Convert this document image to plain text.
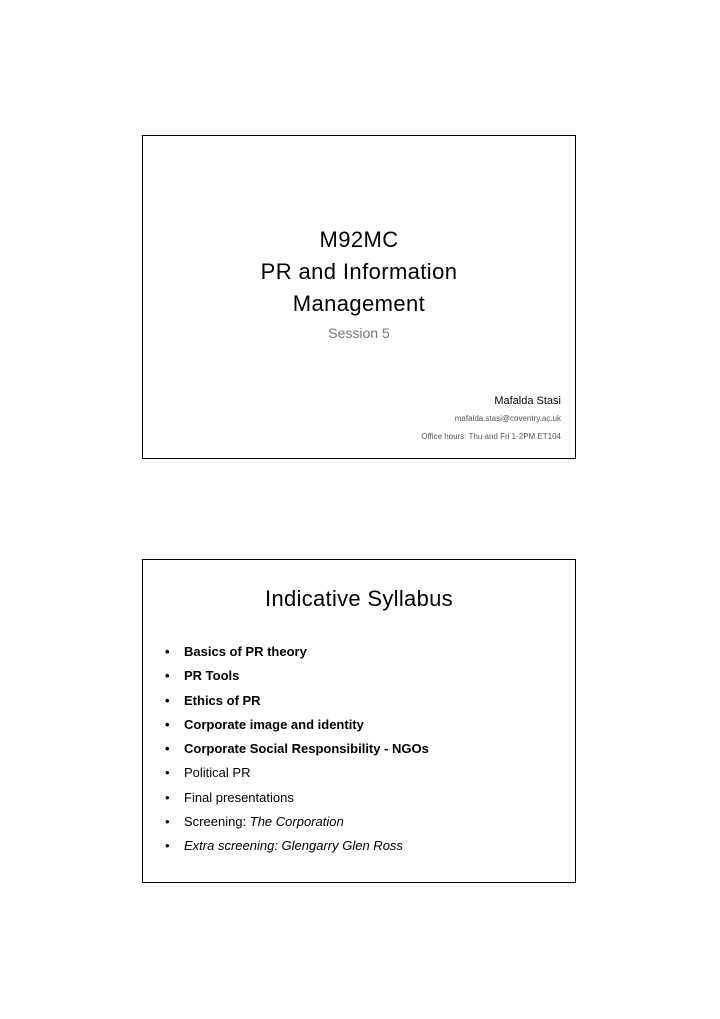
M92MC
PR and Information
Management
Session 5
Mafalda Stasi
mafalda.stasi@coventry.ac.uk
Office hours: Thu and Fri 1-2PM ET104
Indicative Syllabus
• Basics of PR theory
• PR Tools
• Ethics of PR
• Corporate image and identity
• Corporate Social Responsibility - NGOs
• Political PR
• Final presentations
• Screening: The Corporation
• Extra screening: Glengarry Glen Ross
